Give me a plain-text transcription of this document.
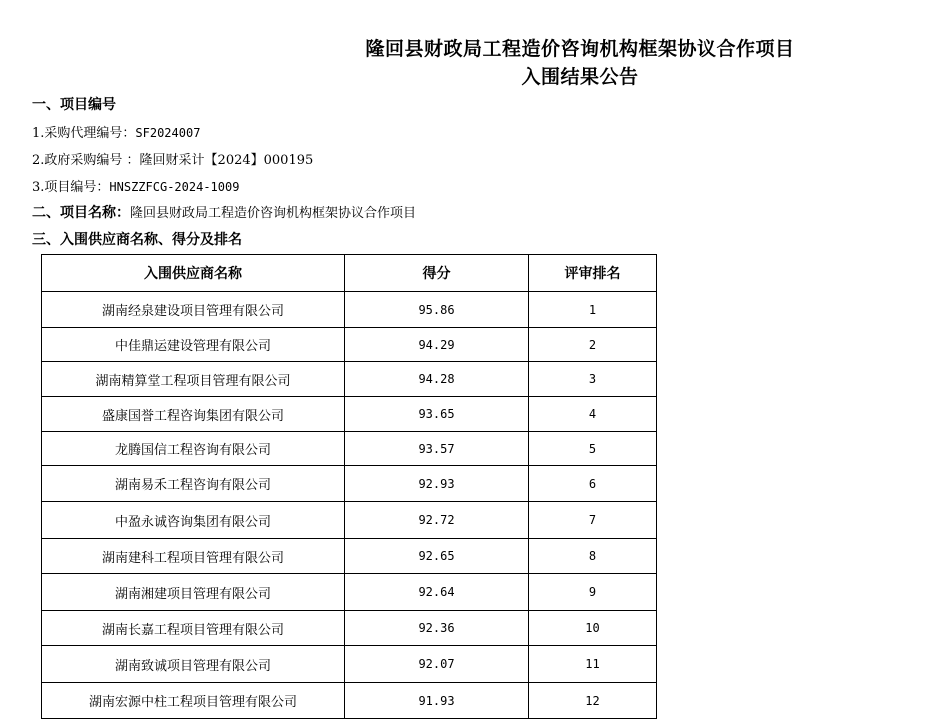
隆回县财政局工程造价咨询机构框架协议合作项目
入围结果公告
一、项目编号
1.采购代理编号：SF2024007
2.政府采购编号 ：隆回财采计【2024】000195
3.项目编号：HNSZZFCG-2024-1009
二、项目名称：隆回县财政局工程造价咨询机构框架协议合作项目
三、入围供应商名称、得分及排名
入围供应商名称	得分	评审排名
湖南经泉建设项目管理有限公司	95.86	1
中佳鼎运建设管理有限公司	94.29	2
湖南精算堂工程项目管理有限公司	94.28	3
盛康国誉工程咨询集团有限公司	93.65	4
龙腾国信工程咨询有限公司	93.57	5
湖南易禾工程咨询有限公司	92.93	6
中盈永诚咨询集团有限公司	92.72	7
湖南建科工程项目管理有限公司	92.65	8
湖南湘建项目管理有限公司	92.64	9
湖南长嘉工程项目管理有限公司	92.36	10
湖南致诚项目管理有限公司	92.07	11
湖南宏源中柱工程项目管理有限公司	91.93	12
